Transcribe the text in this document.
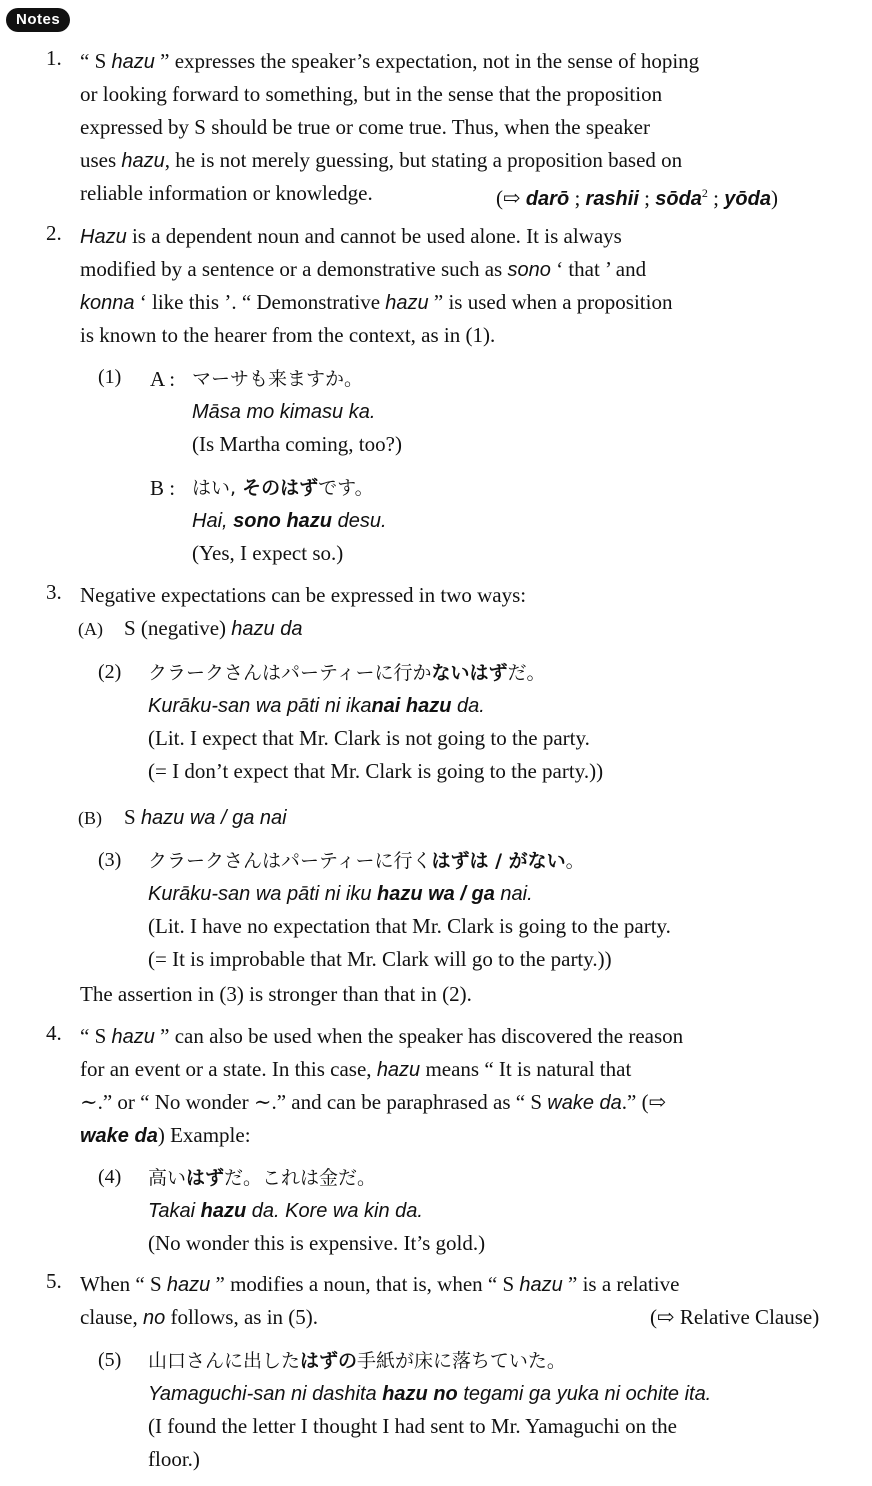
Notes
1. “ S hazu ” expresses the speaker’s expectation, not in the sense of hoping
or looking forward to something, but in the sense that the proposition
expressed by S should be true or come true. Thus, when the speaker
uses hazu, he is not merely guessing, but stating a proposition based on
reliable information or knowledge.	(⇨ darō ; rashii ; sōda$^2$ ; yōda)
2. Hazu is a dependent noun and cannot be used alone. It is always
modified by a sentence or a demonstrative such as sono ‘ that ’ and
konna ‘ like this ’. “ Demonstrative hazu ” is used when a proposition
is known to the hearer from the context, as in (1).
(1) A : マーサも来ますか。
Māsa mo kimasu ka.
(Is Martha coming, too?)
B : はい, そのはずです。
Hai, sono hazu desu.
(Yes, I expect so.)
3. Negative expectations can be expressed in two ways:
(A) S (negative) hazu da
(2) クラークさんはパーティーに行かないはずだ。
Kurāku-san wa pāti ni ikanai hazu da.
(Lit. I expect that Mr. Clark is not going to the party.
(= I don’t expect that Mr. Clark is going to the party.))
(B) S hazu wa / ga nai
(3) クラークさんはパーティーに行くはずは / がない。
Kurāku-san wa pāti ni iku hazu wa / ga nai.
(Lit. I have no expectation that Mr. Clark is going to the party.
(= It is improbable that Mr. Clark will go to the party.))
The assertion in (3) is stronger than that in (2).
4. “ S hazu ” can also be used when the speaker has discovered the reason
for an event or a state. In this case, hazu means “ It is natural that
∼.” or “ No wonder ∼.” and can be paraphrased as “ S wake da.” (⇨
wake da) Example:
(4) 高いはずだ。これは金だ。
Takai hazu da. Kore wa kin da.
(No wonder this is expensive. It’s gold.)
5. When “ S hazu ” modifies a noun, that is, when “ S hazu ” is a relative
clause, no follows, as in (5).	(⇨ Relative Clause)
(5) 山口さんに出したはずの手紙が床に落ちていた。
Yamaguchi-san ni dashita hazu no tegami ga yuka ni ochite ita.
(I found the letter I thought I had sent to Mr. Yamaguchi on the
floor.)
